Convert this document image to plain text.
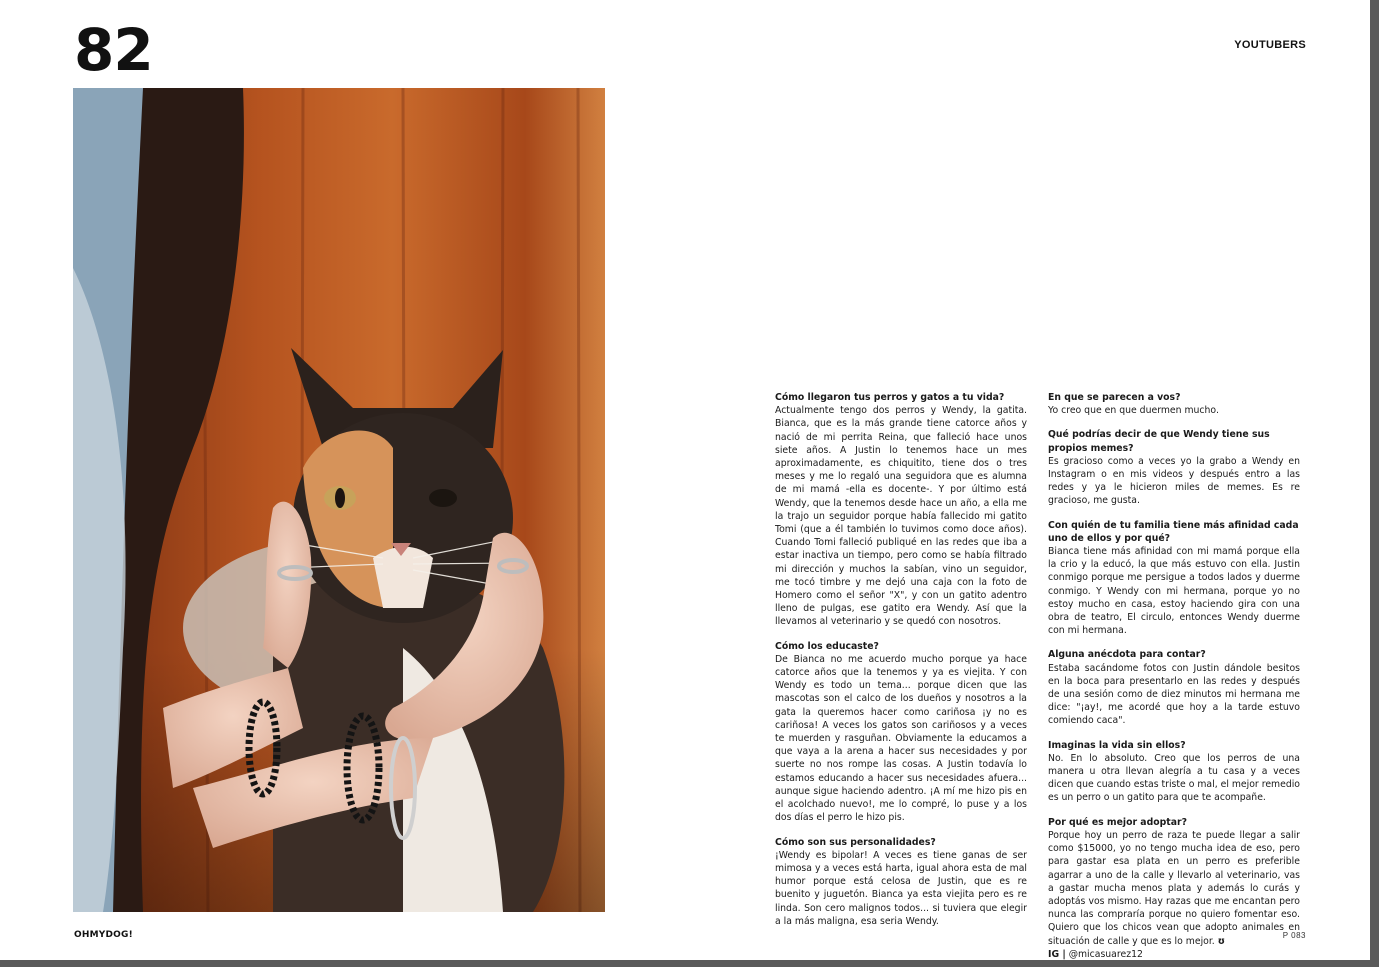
82	YOUTUBERS
Cómo llegaron tus perros y gatos a tu vida?
Actualmente tengo dos perros y Wendy, la gatita. Bianca, que es la más grande tiene catorce años y nació de mi perrita Reina, que falleció hace unos siete años. A Justin lo tenemos hace un mes aproximadamente, es chiquitito, tiene dos o tres meses y me lo regaló una seguidora que es alumna de mi mamá -ella es docente-. Y por último está Wendy, que la tenemos desde hace un año, a ella me la trajo un seguidor porque había fallecido mi gatito Tomi (que a él también lo tuvimos como doce años). Cuando Tomi falleció publiqué en las redes que iba a estar inactiva un tiempo, pero como se había filtrado mi dirección y muchos la sabían, vino un seguidor, me tocó timbre y me dejó una caja con la foto de Homero como el señor "X", y con un gatito adentro lleno de pulgas, ese gatito era Wendy. Así que la llevamos al veterinario y se quedó con nosotros.
Cómo los educaste?
De Bianca no me acuerdo mucho porque ya hace catorce años que la tenemos y ya es viejita. Y con Wendy es todo un tema... porque dicen que las mascotas son el calco de los dueños y nosotros a la gata la queremos hacer como cariñosa ¡y no es cariñosa! A veces los gatos son cariñosos y a veces te muerden y rasguñan. Obviamente la educamos a que vaya a la arena a hacer sus necesidades y por suerte no nos rompe las cosas. A Justin todavía lo estamos educando a hacer sus necesidades afuera... aunque sigue haciendo adentro. ¡A mí me hizo pis en el acolchado nuevo!, me lo compré, lo puse y a los dos días el perro le hizo pis.
Cómo son sus personalidades?
¡Wendy es bipolar! A veces es tiene ganas de ser mimosa y a veces está harta, igual ahora esta de mal humor porque está celosa de Justin, que es re buenito y juguetón. Bianca ya esta viejita pero es re linda. Son cero malignos todos... si tuviera que elegir a la más maligna, esa seria Wendy.
En que se parecen a vos?
Yo creo que en que duermen mucho.
Qué podrías decir de que Wendy tiene sus propios memes?
Es gracioso como a veces yo la grabo a Wendy en Instagram o en mis videos y después entro a las redes y ya le hicieron miles de memes. Es re gracioso, me gusta.
Con quién de tu familia tiene más afinidad cada uno de ellos y por qué?
Bianca tiene más afinidad con mi mamá porque ella la crio y la educó, la que más estuvo con ella. Justin conmigo porque me persigue a todos lados y duerme conmigo. Y Wendy con mi hermana, porque yo no estoy mucho en casa, estoy haciendo gira con una obra de teatro, El circulo, entonces Wendy duerme con mi hermana.
Alguna anécdota para contar?
Estaba sacándome fotos con Justin dándole besitos en la boca para presentarlo en las redes y después de una sesión como de diez minutos mi hermana me dice: "¡ay!, me acordé que hoy a la tarde estuvo comiendo caca".
Imaginas la vida sin ellos?
No. En lo absoluto. Creo que los perros de una manera u otra llevan alegría a tu casa y a veces dicen que cuando estas triste o mal, el mejor remedio es un perro o un gatito para que te acompañe.
Por qué es mejor adoptar?
Porque hoy un perro de raza te puede llegar a salir como $15000, yo no tengo mucha idea de eso, pero para gastar esa plata en un perro es preferible agarrar a uno de la calle y llevarlo al veterinario, vas a gastar mucha menos plata y además lo curás y adoptás vos mismo. Hay razas que me encantan pero nunca las compraría porque no quiero fomentar eso. Quiero que los chicos vean que adopto animales en situación de calle y que es lo mejor. ʊ
IG | @micasuarez12
OHMYDOG!	P 083
